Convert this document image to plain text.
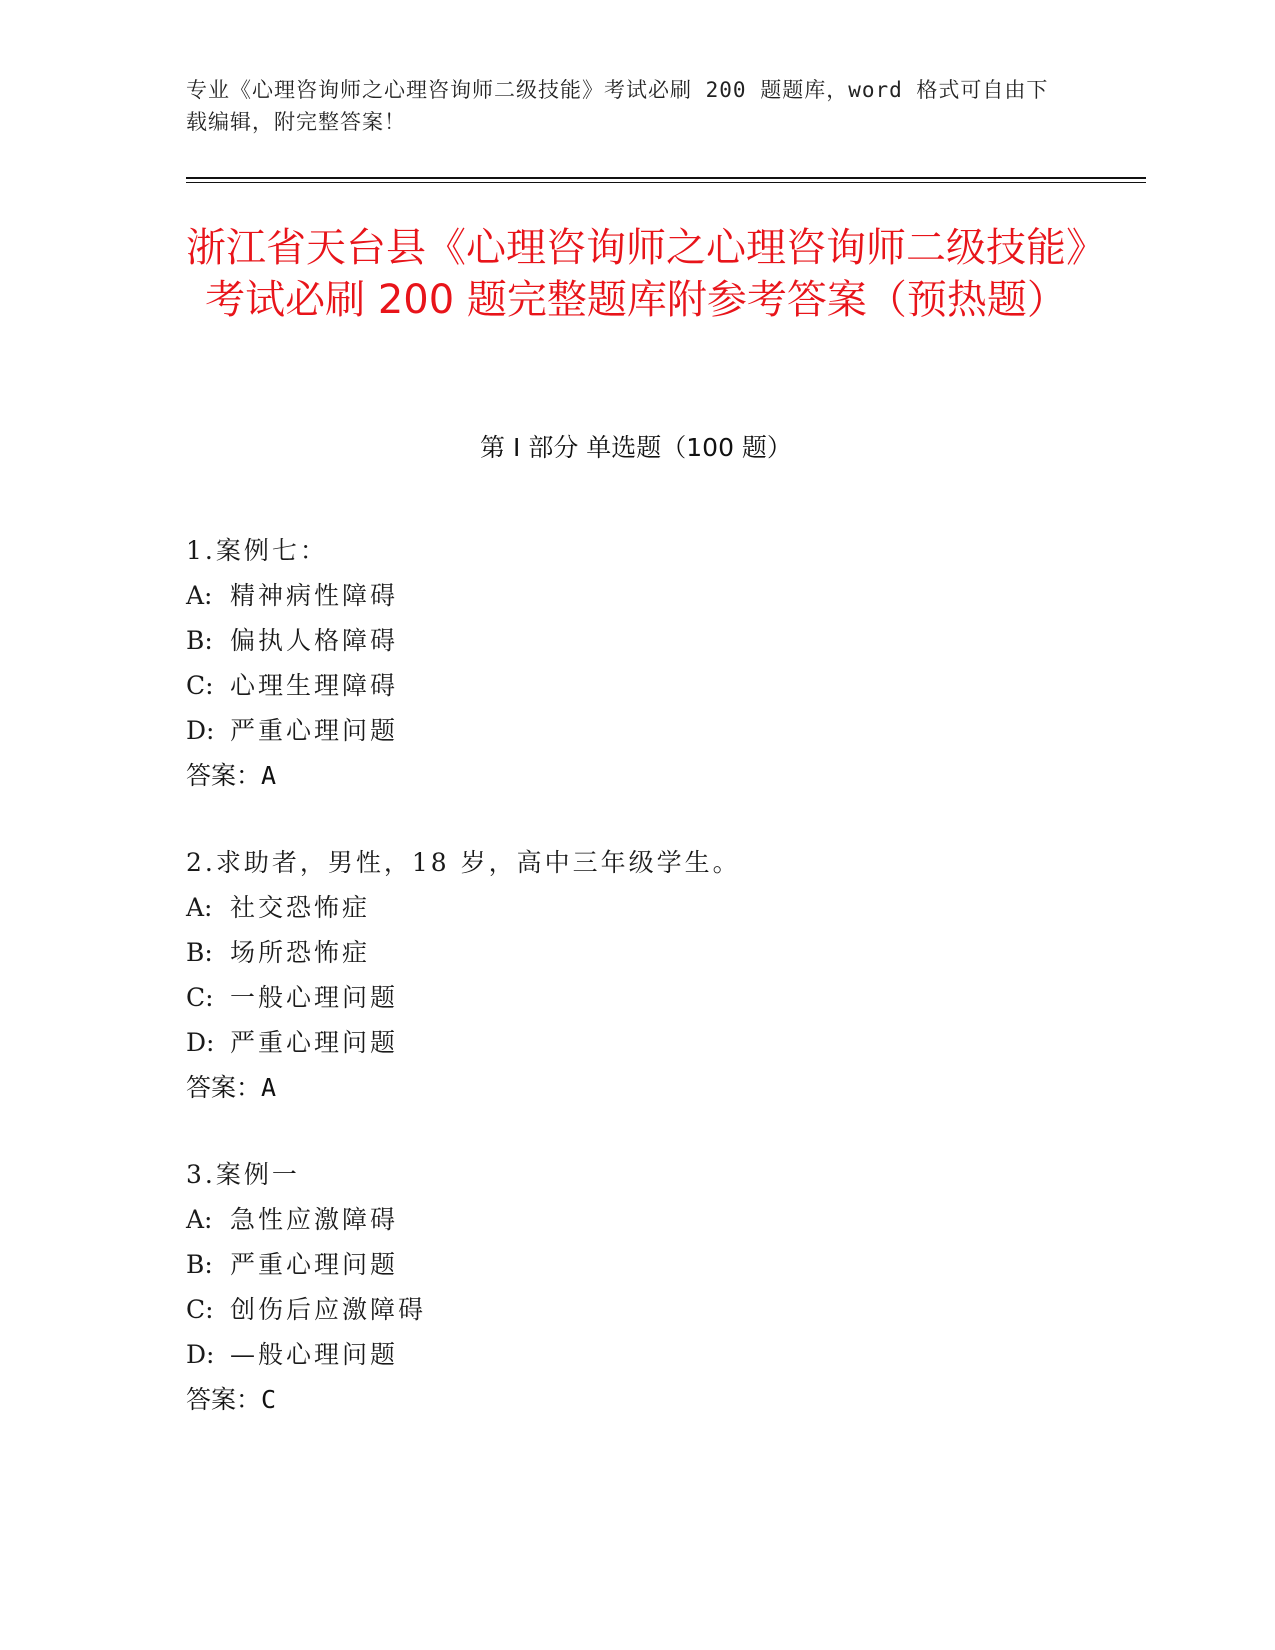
专业《心理咨询师之心理咨询师二级技能》考试必刷 200 题题库，word 格式可自由下载编辑，附完整答案！
浙江省天台县《心理咨询师之心理咨询师二级技能》考试必刷 200 题完整题库附参考答案（预热题）
第 I 部分 单选题（100 题）
1.案例七：
A: 精神病性障碍
B: 偏执人格障碍
C: 心理生理障碍
D: 严重心理问题
答案：A
2.求助者，男性，18 岁，高中三年级学生。
A: 社交恐怖症
B: 场所恐怖症
C: 一般心理问题
D: 严重心理问题
答案：A
3.案例一
A: 急性应激障碍
B: 严重心理问题
C: 创伤后应激障碍
D: —般心理问题
答案：C
